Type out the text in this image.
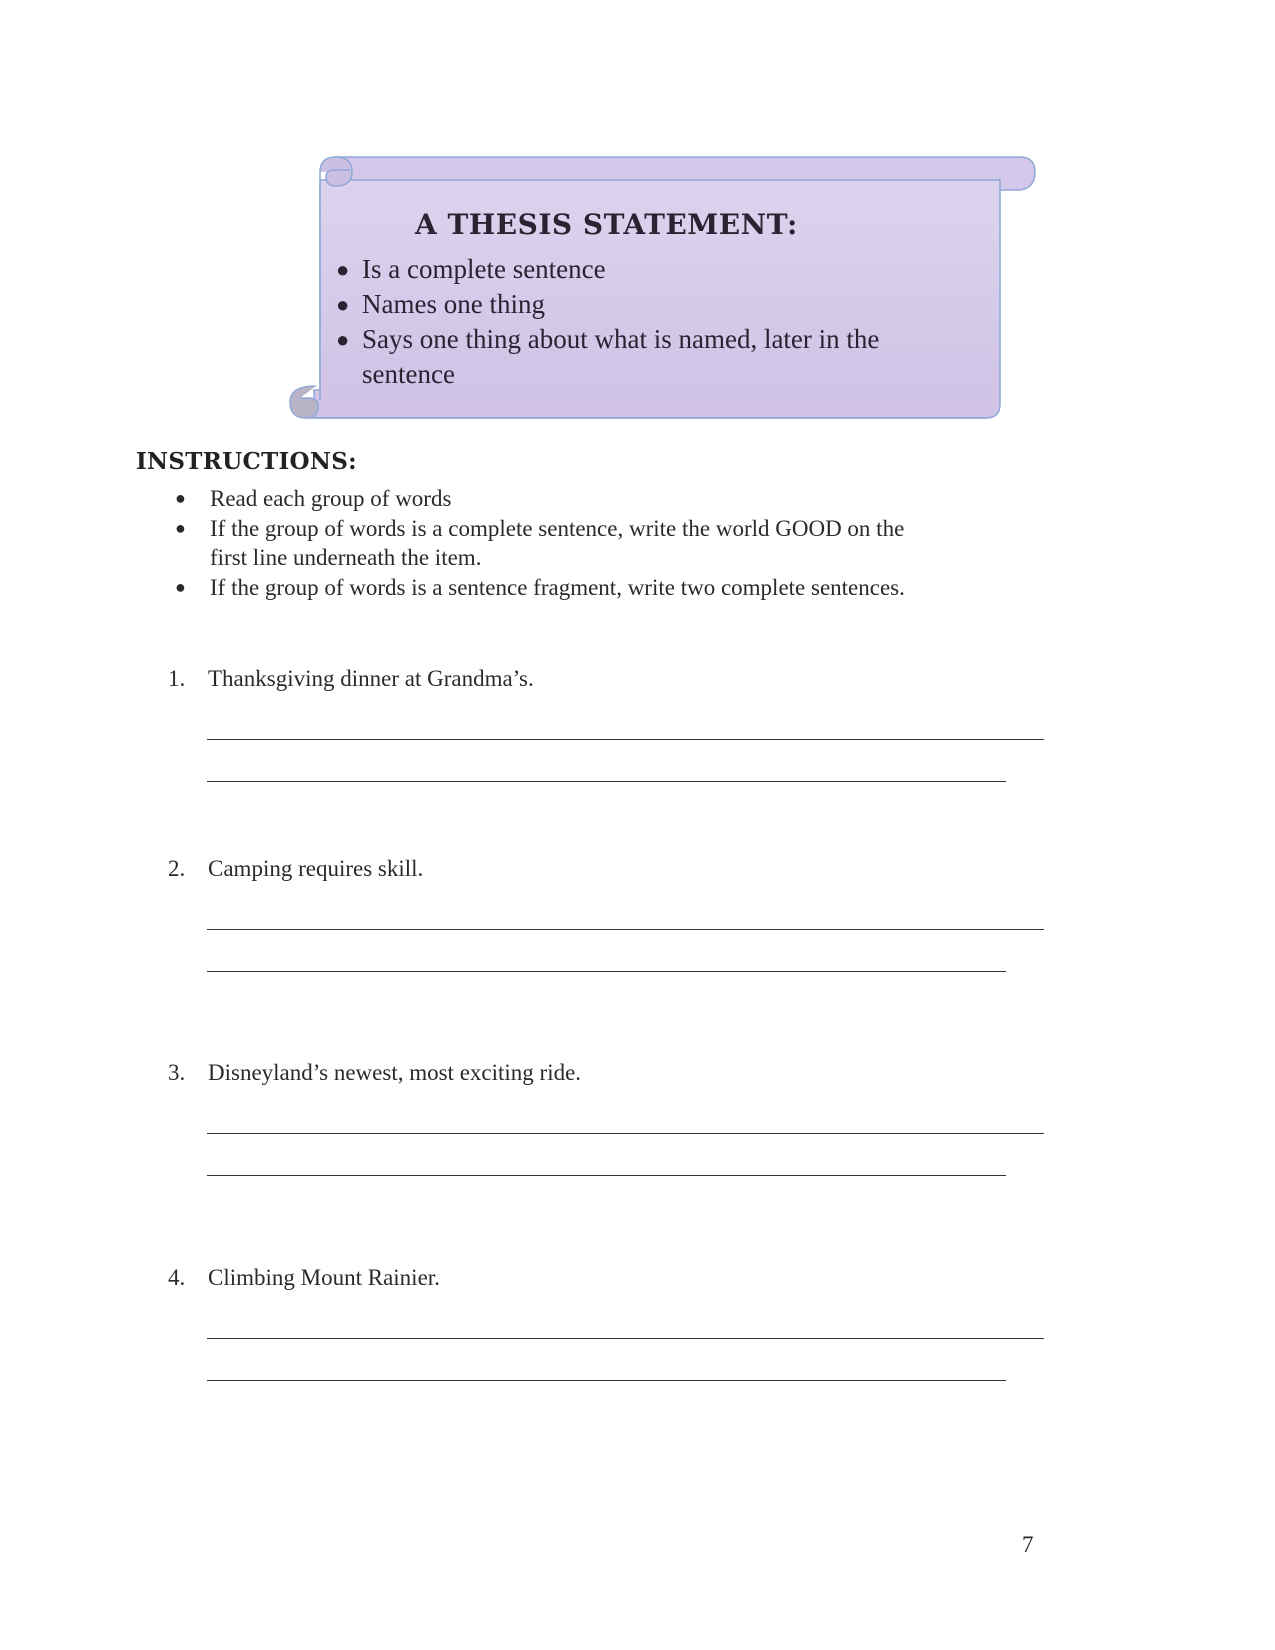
A THESIS STATEMENT:
● Is a complete sentence
● Names one thing
● Says one thing about what is named, later in the sentence
INSTRUCTIONS:
● Read each group of words
● If the group of words is a complete sentence, write the world GOOD on the first line underneath the item.
● If the group of words is a sentence fragment, write two complete sentences.
1. Thanksgiving dinner at Grandma’s.
2. Camping requires skill.
3. Disneyland’s newest, most exciting ride.
4. Climbing Mount Rainier.
7
